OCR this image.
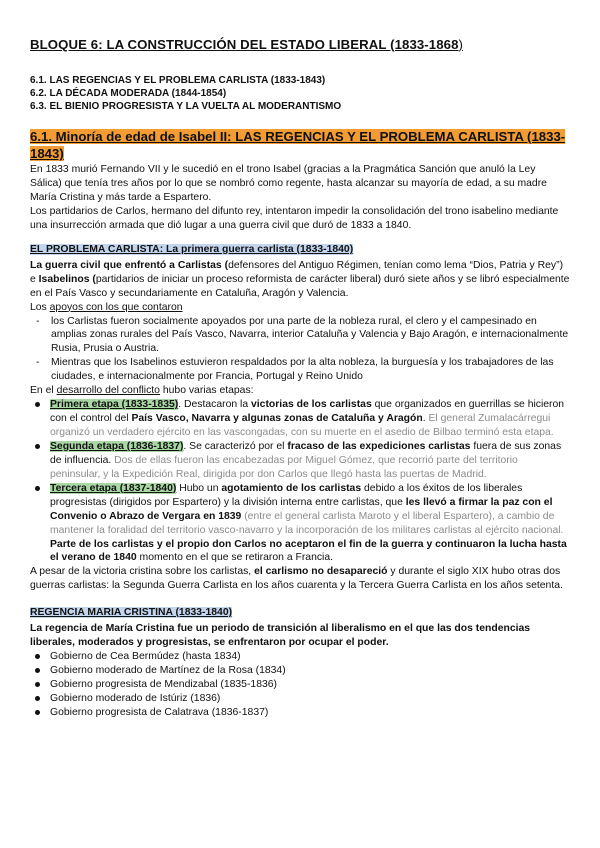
BLOQUE 6: LA CONSTRUCCIÓN DEL ESTADO LIBERAL (1833-1868)
6.1. LAS REGENCIAS Y EL PROBLEMA CARLISTA (1833-1843)
6.2. LA DÉCADA MODERADA (1844-1854)
6.3. EL BIENIO PROGRESISTA Y LA VUELTA AL MODERANTISMO
6.1. Minoría de edad de Isabel II: LAS REGENCIAS Y EL PROBLEMA CARLISTA (1833-1843)

En 1833 murió Fernando VII y le sucedió en el trono Isabel (gracias a la Pragmática Sanción que anuló la Ley Sálica) que tenía tres años por lo que se nombró como regente, hasta alcanzar su mayoría de edad, a su madre María Cristina y más tarde a Espartero.

Los partidarios de Carlos, hermano del difunto rey, intentaron impedir la consolidación del trono isabelino mediante una insurrección armada que dió lugar a una guerra civil que duró de 1833 a 1840.

EL PROBLEMA CARLISTA: La primera guerra carlista (1833-1840)

La guerra civil que enfrentó a Carlistas (defensores del Antiguo Régimen, tenían como lema “Dios, Patria y Rey”) e Isabelinos (partidarios de iniciar un proceso reformista de carácter liberal) duró siete años y se libró especialmente en el País Vasco y secundariamente en Cataluña, Aragón y Valencia.

Los apoyos con los que contaron

- los Carlistas fueron socialmente apoyados por una parte de la nobleza rural, el clero y el campesinado en amplias zonas rurales del País Vasco, Navarra, interior Cataluña y Valencia y Bajo Aragón, e internacionalmente Rusia, Prusia o Austria.
- Mientras que los Isabelinos estuvieron respaldados por la alta nobleza, la burguesía y los trabajadores de las ciudades, e internacionalmente por Francia, Portugal y Reino Unido

En el desarrollo del conflicto hubo varias etapas:

Primera etapa (1833-1835). Destacaron la victorias de los carlistas que organizados en guerrillas se hicieron con el control del País Vasco, Navarra y algunas zonas de Cataluña y Aragón. El general Zumalacárregui organizó un verdadero ejército en las vascongadas, con su muerte en el asedio de Bilbao terminó esta etapa.
Segunda etapa (1836-1837). Se caracterizó por el fracaso de las expediciones carlistas fuera de sus zonas de influencia. Dos de ellas fueron las encabezadas por Miguel Gómez, que recorrió parte del territorio peninsular, y la Expedición Real, dirigida por don Carlos que llegó hasta las puertas de Madrid.
Tercera etapa (1837-1840) Hubo un agotamiento de los carlistas debido a los éxitos de los liberales progresistas (dirigidos por Espartero) y la división interna entre carlistas, que les llevó a firmar la paz con el Convenio o Abrazo de Vergara en 1839 (entre el general carlista Maroto y el liberal Espartero), a cambio de mantener la foralidad del territorio vasco-navarro y la incorporación de los militares carlistas al ejército nacional. Parte de los carlistas y el propio don Carlos no aceptaron el fin de la guerra y continuaron la lucha hasta el verano de 1840 momento en el que se retiraron a Francia.

A pesar de la victoria cristina sobre los carlistas, el carlismo no desapareció y durante el siglo XIX hubo otras dos guerras carlistas: la Segunda Guerra Carlista en los años cuarenta y la Tercera Guerra Carlista en los años setenta.

REGENCIA MARIA CRISTINA (1833-1840)

La regencia de María Cristina fue un periodo de transición al liberalismo en el que las dos tendencias liberales, moderados y progresistas, se enfrentaron por ocupar el poder.

Gobierno de Cea Bermúdez (hasta 1834)
Gobierno moderado de Martínez de la Rosa (1834)
Gobierno progresista de Mendizabal (1835-1836)
Gobierno moderado de Istúriz (1836)
Gobierno progresista de Calatrava (1836-1837)
